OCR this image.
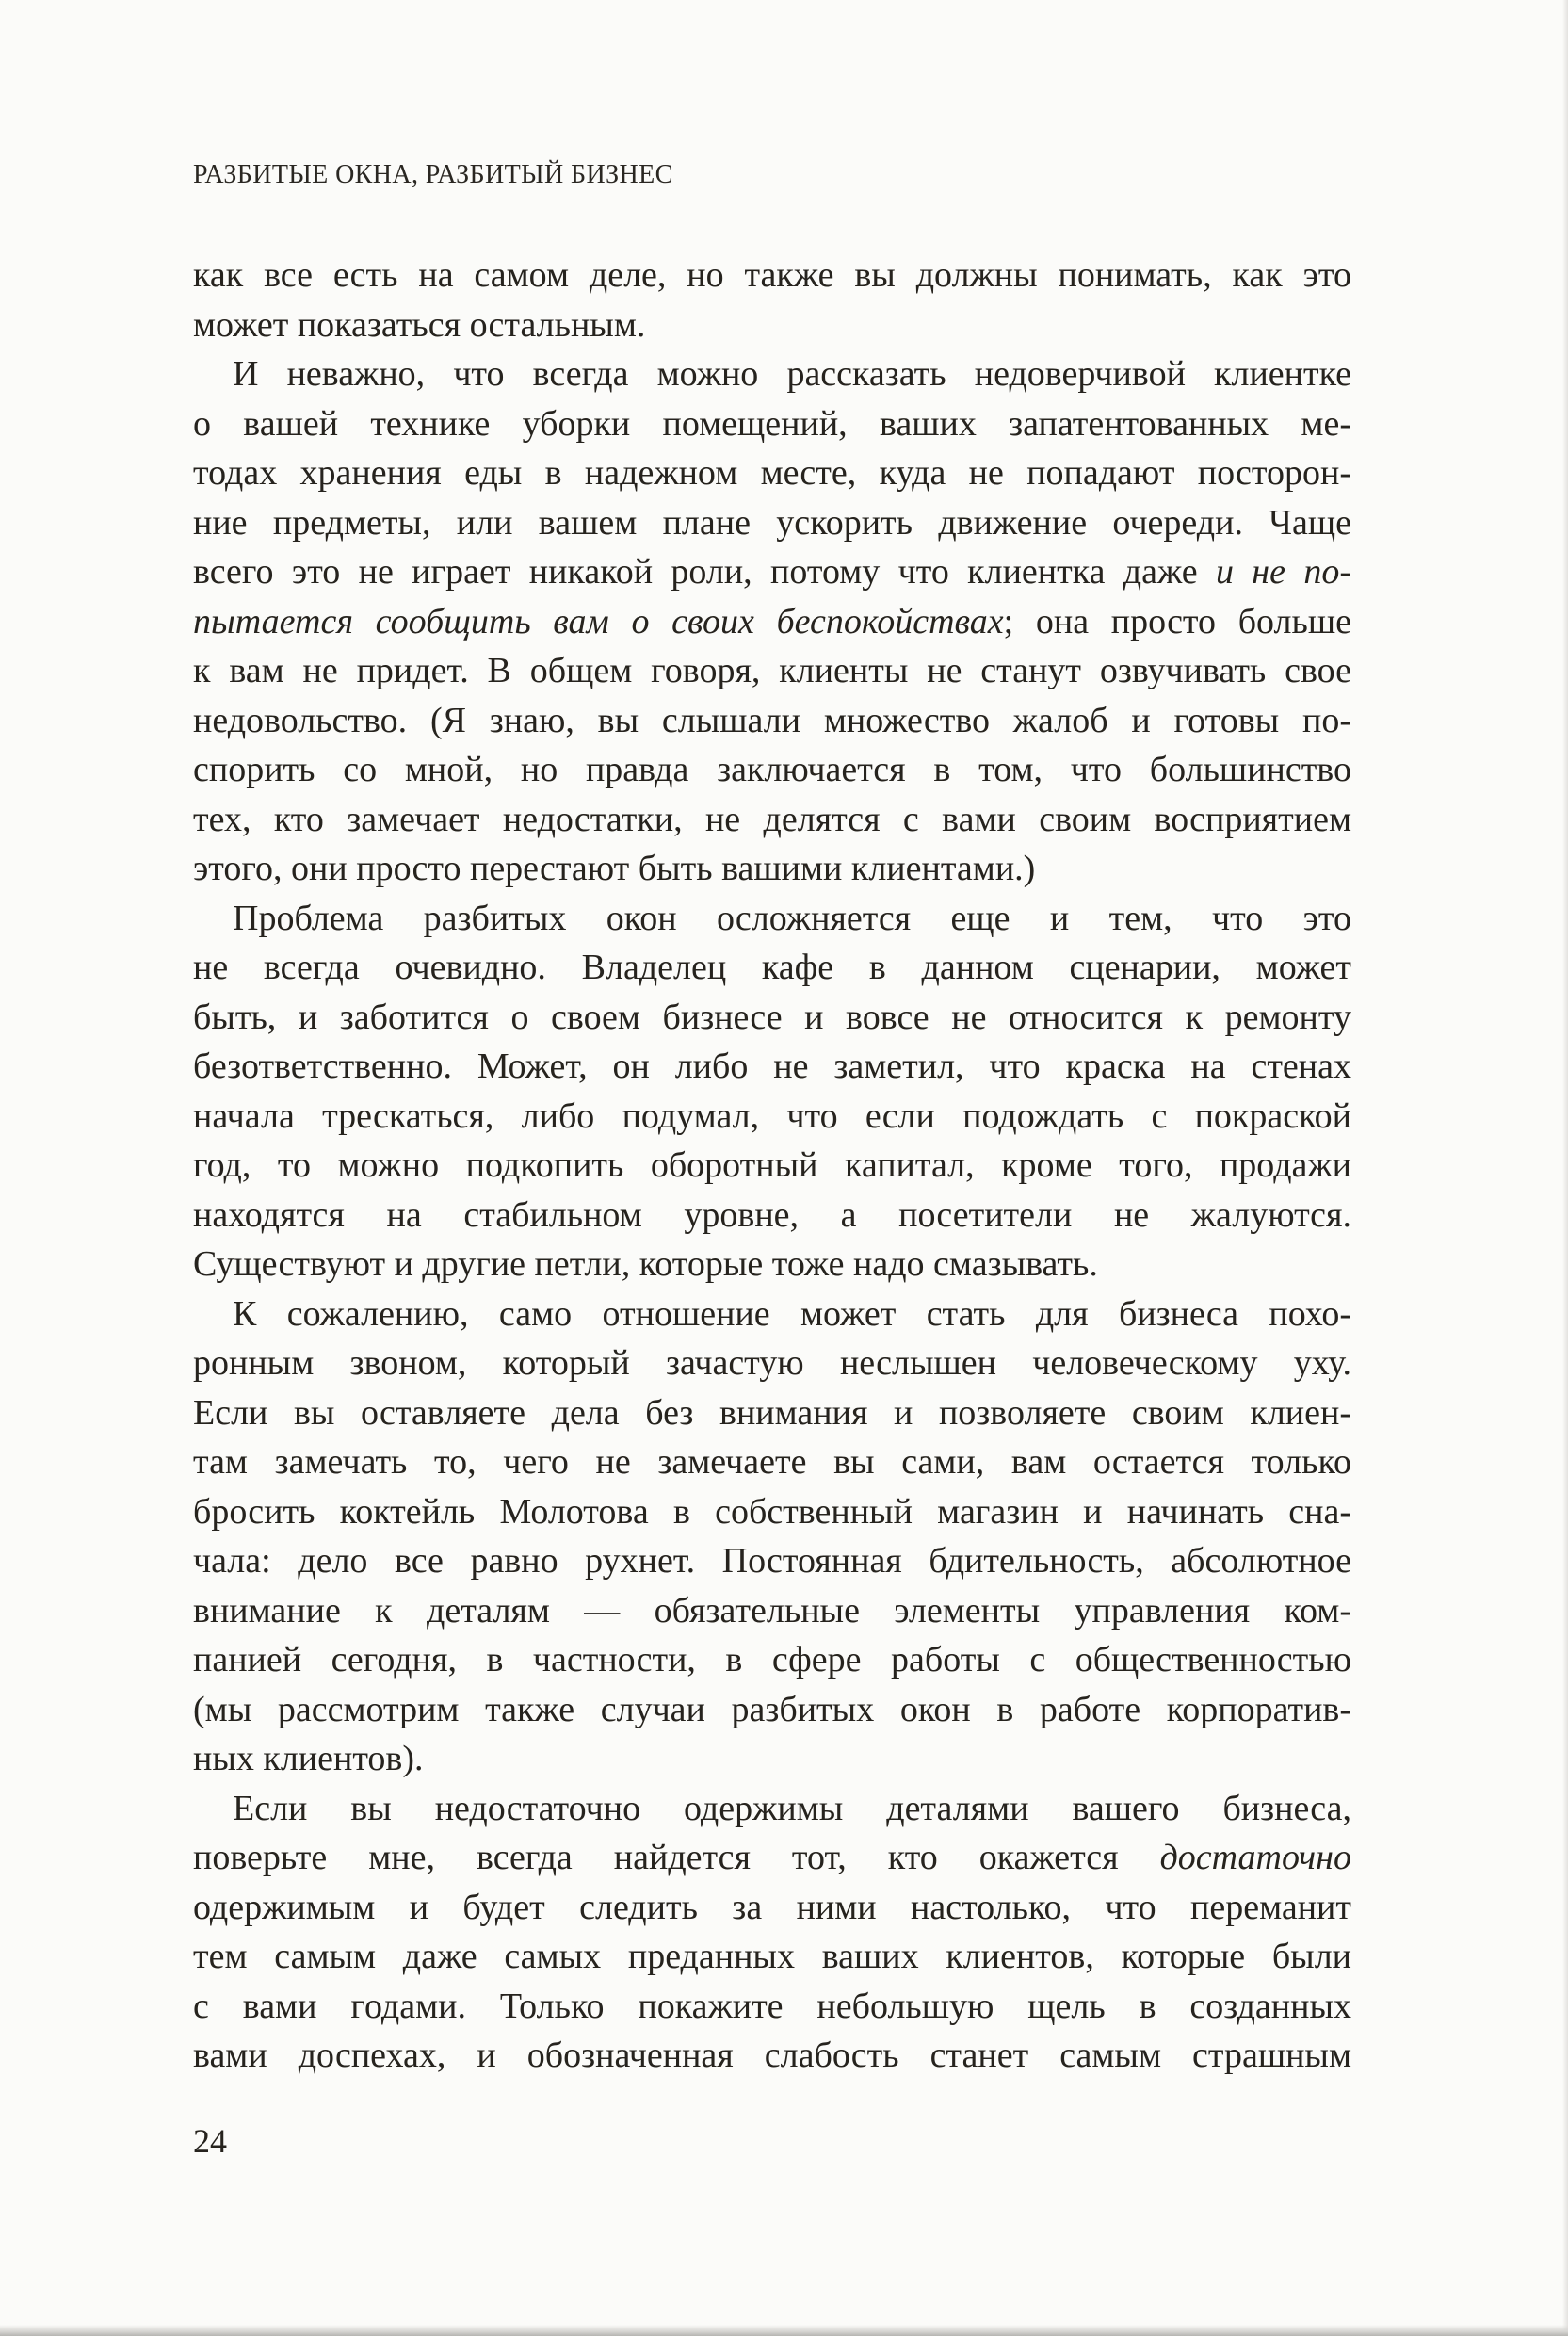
РАЗБИТЫЕ ОКНА, РАЗБИТЫЙ БИЗНЕС
как все есть на самом деле, но также вы должны понимать, как это
может показаться остальным.
И неважно, что всегда можно рассказать недоверчивой клиентке
о вашей технике уборки помещений, ваших запатентованных ме-
тодах хранения еды в надежном месте, куда не попадают посторон-
ние предметы, или вашем плане ускорить движение очереди. Чаще
всего это не играет никакой роли, потому что клиентка даже и не по-
пытается сообщить вам о своих беспокойствах; она просто больше
к вам не придет. В общем говоря, клиенты не станут озвучивать свое
недовольство. (Я знаю, вы слышали множество жалоб и готовы по-
спорить со мной, но правда заключается в том, что большинство
тех, кто замечает недостатки, не делятся с вами своим восприятием
этого, они просто перестают быть вашими клиентами.)
Проблема разбитых окон осложняется еще и тем, что это
не всегда очевидно. Владелец кафе в данном сценарии, может
быть, и заботится о своем бизнесе и вовсе не относится к ремонту
безответственно. Может, он либо не заметил, что краска на стенах
начала трескаться, либо подумал, что если подождать с покраской
год, то можно подкопить оборотный капитал, кроме того, продажи
находятся на стабильном уровне, а посетители не жалуются.
Существуют и другие петли, которые тоже надо смазывать.
К сожалению, само отношение может стать для бизнеса похо-
ронным звоном, который зачастую неслышен человеческому уху.
Если вы оставляете дела без внимания и позволяете своим клиен-
там замечать то, чего не замечаете вы сами, вам остается только
бросить коктейль Молотова в собственный магазин и начинать сна-
чала: дело все равно рухнет. Постоянная бдительность, абсолютное
внимание к деталям — обязательные элементы управления ком-
панией сегодня, в частности, в сфере работы с общественностью
(мы рассмотрим также случаи разбитых окон в работе корпоратив-
ных клиентов).
Если вы недостаточно одержимы деталями вашего бизнеса,
поверьте мне, всегда найдется тот, кто окажется достаточно
одержимым и будет следить за ними настолько, что переманит
тем самым даже самых преданных ваших клиентов, которые были
с вами годами. Только покажите небольшую щель в созданных
вами доспехах, и обозначенная слабость станет самым страшным
24
